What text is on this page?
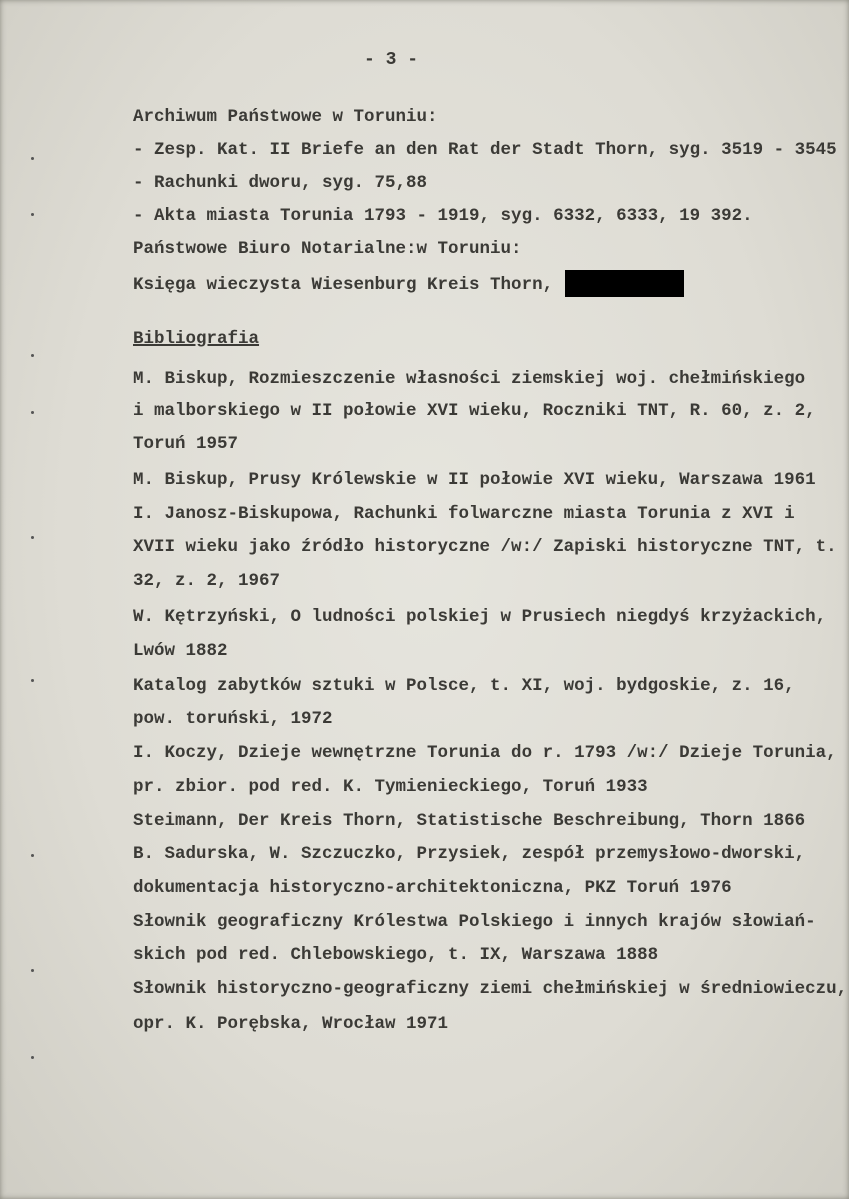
- 3 -
Archiwum Państwowe w Toruniu:
- Zesp. Kat. II Briefe an den Rat der Stadt Thorn, syg. 3519 - 3545
- Rachunki dworu, syg. 75,88
- Akta miasta Torunia 1793 - 1919, syg. 6332, 6333, 19 392.
Państwowe Biuro Notarialne:w Toruniu:
Księga wieczysta Wiesenburg Kreis Thorn,
Bibliografia
M. Biskup, Rozmieszczenie własności ziemskiej woj. chełmińskiego
i malborskiego w II połowie XVI wieku, Roczniki TNT, R. 60, z. 2,
Toruń 1957
M. Biskup, Prusy Królewskie w II połowie XVI wieku, Warszawa 1961
I. Janosz-Biskupowa, Rachunki folwarczne miasta Torunia z XVI i
XVII wieku jako źródło historyczne /w:/ Zapiski historyczne TNT, t.
32, z. 2, 1967
W. Kętrzyński, O ludności polskiej w Prusiech niegdyś krzyżackich,
Lwów 1882
Katalog zabytków sztuki w Polsce, t. XI, woj. bydgoskie, z. 16,
pow. toruński, 1972
I. Koczy, Dzieje wewnętrzne Torunia do r. 1793 /w:/ Dzieje Torunia,
pr. zbior. pod red. K. Tymienieckiego, Toruń 1933
Steimann, Der Kreis Thorn, Statistische Beschreibung, Thorn 1866
B. Sadurska, W. Szczuczko, Przysiek, zespół przemysłowo-dworski,
dokumentacja historyczno-architektoniczna, PKZ Toruń 1976
Słownik geograficzny Królestwa Polskiego i innych krajów słowiań-
skich pod red. Chlebowskiego, t. IX, Warszawa 1888
Słownik historyczno-geograficzny ziemi chełmińskiej w średniowieczu,
opr. K. Porębska, Wrocław 1971
